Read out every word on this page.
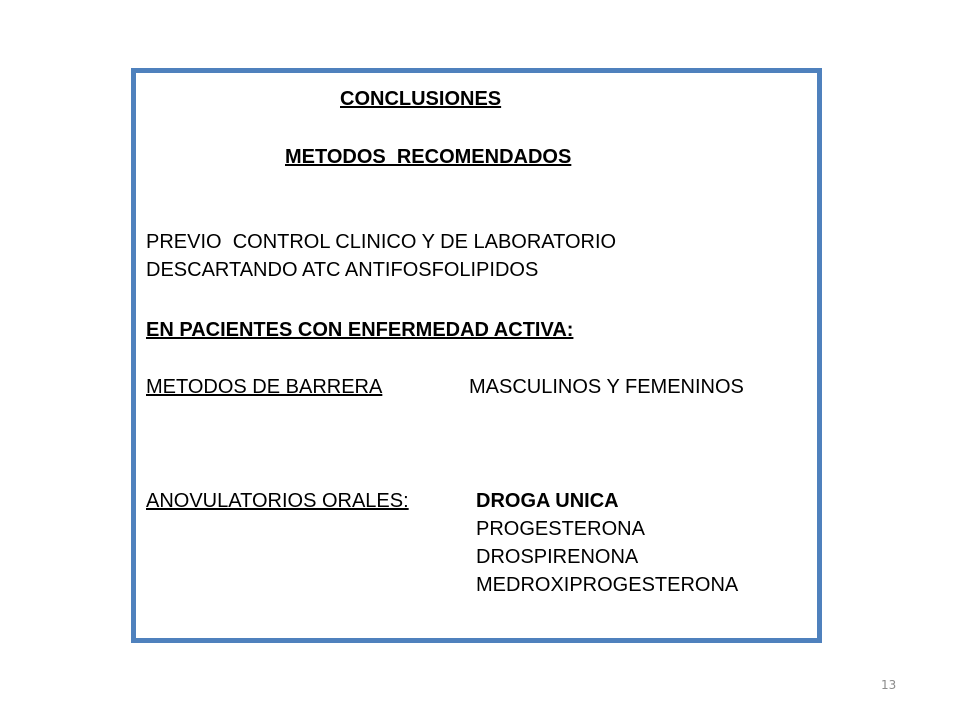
CONCLUSIONES
METODOS  RECOMENDADOS
PREVIO  CONTROL CLINICO Y DE LABORATORIO
DESCARTANDO ATC ANTIFOSFOLIPIDOS
EN PACIENTES CON ENFERMEDAD ACTIVA:
METODOS DE BARRERA	MASCULINOS Y FEMENINOS
ANOVULATORIOS ORALES:	DROGA UNICA
PROGESTERONA
DROSPIRENONA
MEDROXIPROGESTERONA
13
